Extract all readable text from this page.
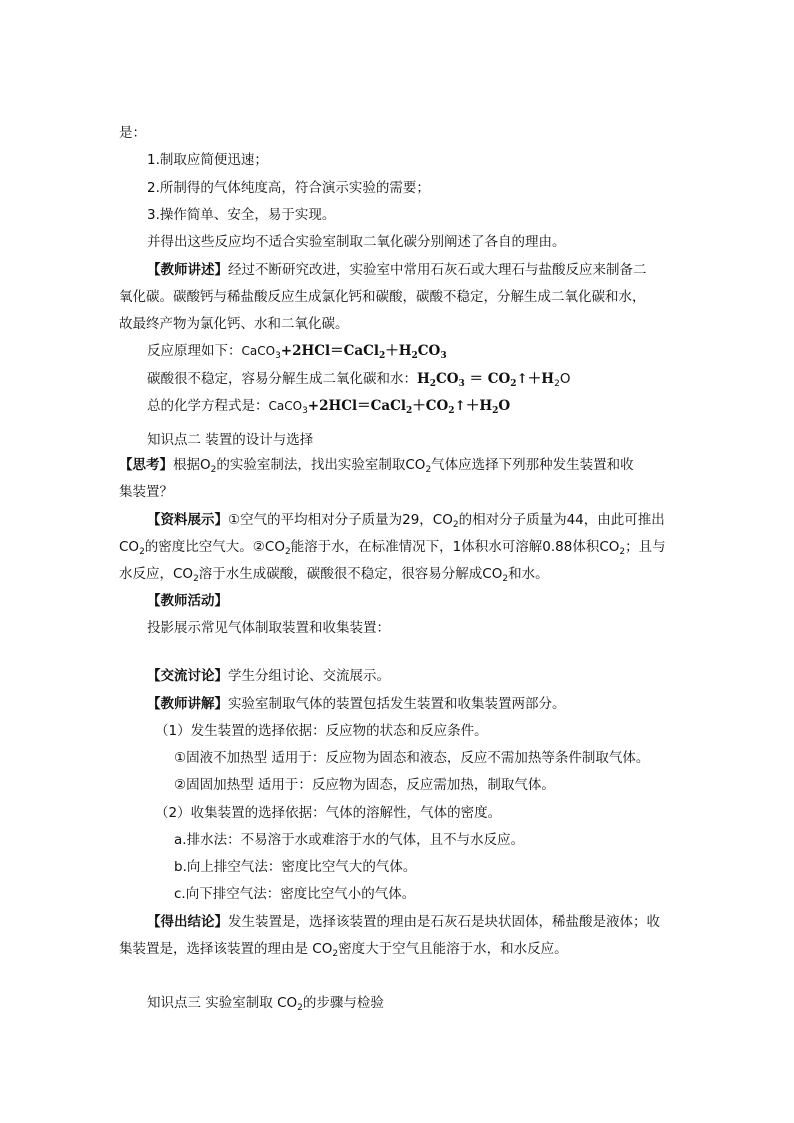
是：
1.制取应简便迅速；
2.所制得的气体纯度高，符合演示实验的需要；
3.操作简单、安全，易于实现。
并得出这些反应均不适合实验室制取二氧化碳分别阐述了各自的理由。
【教师讲述】经过不断研究改进，实验室中常用石灰石或大理石与盐酸反应来制备二
氧化碳。碳酸钙与稀盐酸反应生成氯化钙和碳酸，碳酸不稳定，分解生成二氧化碳和水，
故最终产物为氯化钙、水和二氧化碳。
反应原理如下：$CaCO_3+2HCl=CaCl_2+H_2CO_3$
碳酸很不稳定，容易分解生成二氧化碳和水：$H_2CO_3$ ＝ $CO_2↑+H_2O$
总的化学方程式是：$CaCO_3+2HCl=CaCl_2+CO_2↑+H_2O$
知识点二 装置的设计与选择
【思考】根据$O_2$的实验室制法，找出实验室制取$CO_2$气体应选择下列那种发生装置和收
集装置？
【资料展示】①空气的平均相对分子质量为29，$CO_2$的相对分子质量为44，由此可推出
$CO_2$的密度比空气大。$②CO_2$能溶于水，在标准情况下，1体积水可溶解0.88体积$CO_2$；且与
水反应，$CO_2$溶于水生成碳酸，碳酸很不稳定，很容易分解成$CO_2$和水。
【教师活动】
投影展示常见气体制取装置和收集装置：
【交流讨论】学生分组讨论、交流展示。
【教师讲解】实验室制取气体的装置包括发生装置和收集装置两部分。
（1）发生装置的选择依据：反应物的状态和反应条件。
①固液不加热型 适用于：反应物为固态和液态，反应不需加热等条件制取气体。
②固固加热型 适用于：反应物为固态，反应需加热，制取气体。
（2）收集装置的选择依据：气体的溶解性，气体的密度。
a.排水法：不易溶于水或难溶于水的气体，且不与水反应。
b.向上排空气法：密度比空气大的气体。
c.向下排空气法：密度比空气小的气体。
【得出结论】发生装置是，选择该装置的理由是石灰石是块状固体，稀盐酸是液体；收
集装置是，选择该装置的理由是 $CO_2$密度大于空气且能溶于水，和水反应。
知识点三 实验室制取 $CO_2$的步骤与检验
